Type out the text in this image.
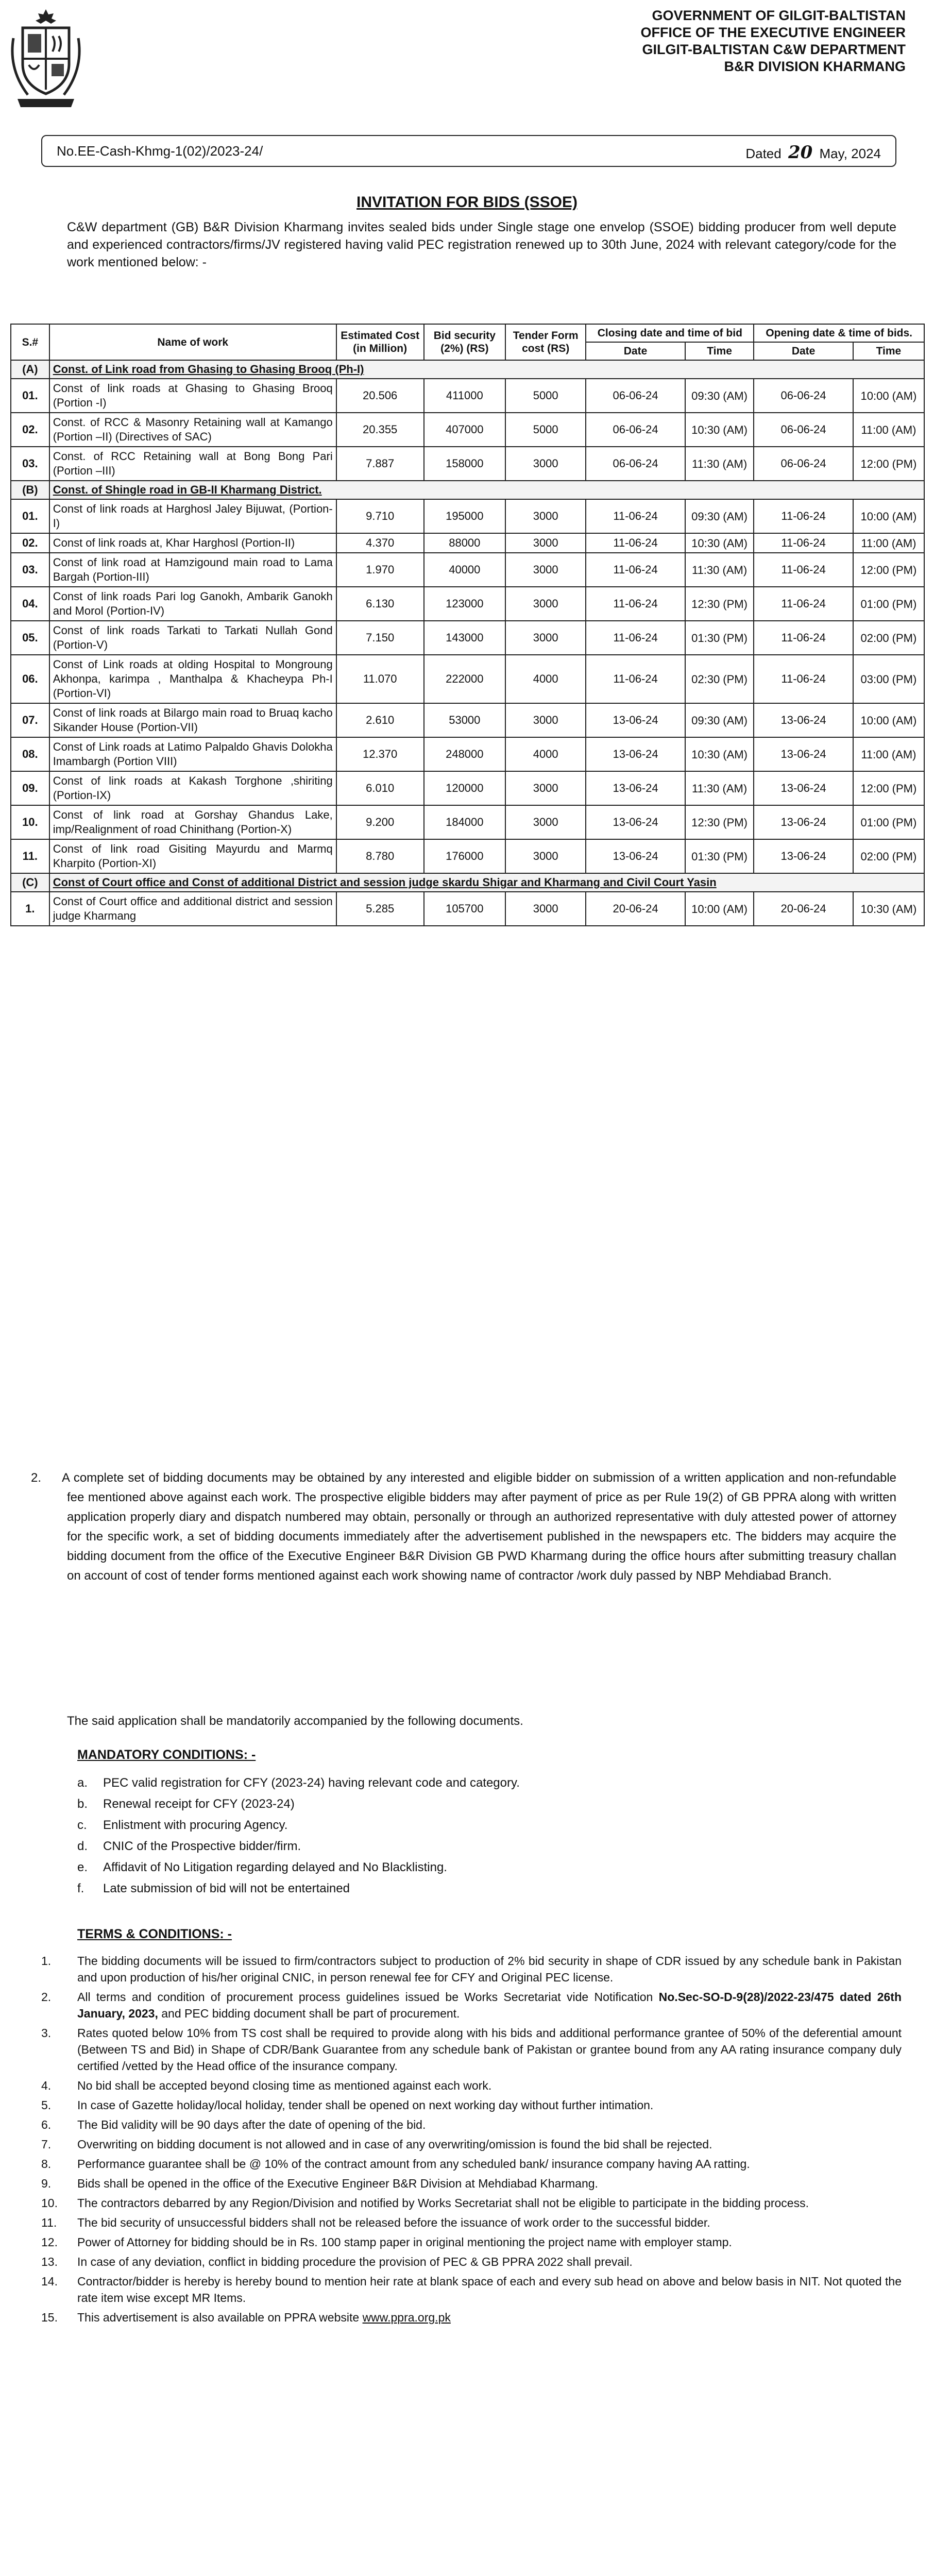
GOVERNMENT OF GILGIT-BALTISTAN
OFFICE OF THE EXECUTIVE ENGINEER
GILGIT-BALTISTAN C&W DEPARTMENT
B&R DIVISION KHARMANG
No.EE-Cash-Khmg-1(02)/2023-24/	Dated 20 May, 2024
INVITATION FOR BIDS (SSOE)
C&W department (GB) B&R Division Kharmang invites sealed bids under Single stage one envelop (SSOE) bidding producer from well depute and experienced contractors/firms/JV registered having valid PEC registration renewed up to 30th June, 2024 with relevant category/code for the work mentioned below: -
S.#	Name of work	Estimated Cost (in Million)	Bid security (2%) (RS)	Tender Form cost (RS)	Closing date and time of bid		Opening date & time of bids.	
					Date	Time	Date	Time
(A)	Const. of Link road from Ghasing to Ghasing Brooq (Ph-I)							
01.	Const of link roads at Ghasing to Ghasing Brooq (Portion -I)	20.506	411000	5000	06-06-24	09:30 (AM)	06-06-24	10:00 (AM)
02.	Const. of RCC & Masonry Retaining wall at Kamango (Portion –II) (Directives of SAC)	20.355	407000	5000	06-06-24	10:30 (AM)	06-06-24	11:00 (AM)
03.	Const. of RCC Retaining wall at Bong Bong Pari (Portion –III)	7.887	158000	3000	06-06-24	11:30 (AM)	06-06-24	12:00 (PM)
(B)	Const. of Shingle road in GB-II Kharmang District.							
01.	Const of link roads at Harghosl Jaley Bijuwat, (Portion-I)	9.710	195000	3000	11-06-24	09:30 (AM)	11-06-24	10:00 (AM)
02.	Const of link roads at, Khar Harghosl (Portion-II)	4.370	88000	3000	11-06-24	10:30 (AM)	11-06-24	11:00 (AM)
03.	Const of link road at Hamzigound main road to Lama Bargah (Portion-III)	1.970	40000	3000	11-06-24	11:30 (AM)	11-06-24	12:00 (PM)
04.	Const of link roads Pari log Ganokh, Ambarik Ganokh and Morol (Portion-IV)	6.130	123000	3000	11-06-24	12:30 (PM)	11-06-24	01:00 (PM)
05.	Const of link roads Tarkati to Tarkati Nullah Gond (Portion-V)	7.150	143000	3000	11-06-24	01:30 (PM)	11-06-24	02:00 (PM)
06.	Const of Link roads at olding Hospital to Mongroung Akhonpa, karimpa , Manthalpa & Khacheypa Ph-I (Portion-VI)	11.070	222000	4000	11-06-24	02:30 (PM)	11-06-24	03:00 (PM)
07.	Const of link roads at Bilargo main road to Bruaq kacho Sikander House (Portion-VII)	2.610	53000	3000	13-06-24	09:30 (AM)	13-06-24	10:00 (AM)
08.	Const of Link roads at Latimo Palpaldo Ghavis Dolokha Imambargh (Portion VIII)	12.370	248000	4000	13-06-24	10:30 (AM)	13-06-24	11:00 (AM)
09.	Const of link roads at Kakash Torghone ,shiriting (Portion-IX)	6.010	120000	3000	13-06-24	11:30 (AM)	13-06-24	12:00 (PM)
10.	Const of link road at Gorshay Ghandus Lake, imp/Realignment of road Chinithang (Portion-X)	9.200	184000	3000	13-06-24	12:30 (PM)	13-06-24	01:00 (PM)
11.	Const of link road Gisiting Mayurdu and Marmq Kharpito (Portion-XI)	8.780	176000	3000	13-06-24	01:30 (PM)	13-06-24	02:00 (PM)
(C)	Const of Court office and Const of additional District and session judge skardu Shigar and Kharmang and Civil Court Yasin							
1.	Const of Court office and additional district and session judge Kharmang	5.285	105700	3000	20-06-24	10:00 (AM)	20-06-24	10:30 (AM)
2. A complete set of bidding documents may be obtained by any interested and eligible bidder on submission of a written application and non-refundable fee mentioned above against each work. The prospective eligible bidders may after payment of price as per Rule 19(2) of GB PPRA along with written application properly diary and dispatch numbered may obtain, personally or through an authorized representative with duly attested power of attorney for the specific work, a set of bidding documents immediately after the advertisement published in the newspapers etc. The bidders may acquire the bidding document from the office of the Executive Engineer B&R Division GB PWD Kharmang during the office hours after submitting treasury challan on account of cost of tender forms mentioned against each work showing name of contractor /work duly passed by NBP Mehdiabad Branch.
The said application shall be mandatorily accompanied by the following documents.
MANDATORY CONDITIONS: -
a.	PEC valid registration for CFY (2023-24) having relevant code and category.
b.	Renewal receipt for CFY (2023-24)
c.	Enlistment with procuring Agency.
d.	CNIC of the Prospective bidder/firm.
e.	Affidavit of No Litigation regarding delayed and No Blacklisting.
f.	Late submission of bid will not be entertained
TERMS & CONDITIONS: -
1.	The bidding documents will be issued to firm/contractors subject to production of 2% bid security in shape of CDR issued by any schedule bank in Pakistan and upon production of his/her original CNIC, in person renewal fee for CFY and Original PEC license.
2.	All terms and condition of procurement process guidelines issued be Works Secretariat vide Notification No.Sec-SO-D-9(28)/2022-23/475 dated 26th January, 2023, and PEC bidding document shall be part of procurement.
3.	Rates quoted below 10% from TS cost shall be required to provide along with his bids and additional performance grantee of 50% of the deferential amount (Between TS and Bid) in Shape of CDR/Bank Guarantee from any schedule bank of Pakistan or grantee bound from any AA rating insurance company duly certified /vetted by the Head office of the insurance company.
4.	No bid shall be accepted beyond closing time as mentioned against each work.
5.	In case of Gazette holiday/local holiday, tender shall be opened on next working day without further intimation.
6.	The Bid validity will be 90 days after the date of opening of the bid.
7.	Overwriting on bidding document is not allowed and in case of any overwriting/omission is found the bid shall be rejected.
8.	Performance guarantee shall be @ 10% of the contract amount from any scheduled bank/ insurance company having AA ratting.
9.	Bids shall be opened in the office of the Executive Engineer B&R Division at Mehdiabad Kharmang.
10.	The contractors debarred by any Region/Division and notified by Works Secretariat shall not be eligible to participate in the bidding process.
11.	The bid security of unsuccessful bidders shall not be released before the issuance of work order to the successful bidder.
12.	Power of Attorney for bidding should be in Rs. 100 stamp paper in original mentioning the project name with employer stamp.
13.	In case of any deviation, conflict in bidding procedure the provision of PEC & GB PPRA 2022 shall prevail.
14.	Contractor/bidder is hereby is hereby bound to mention heir rate at blank space of each and every sub head on above and below basis in NIT. Not quoted the rate item wise except MR Items.
15.	This advertisement is also available on PPRA website www.ppra.org.pk
